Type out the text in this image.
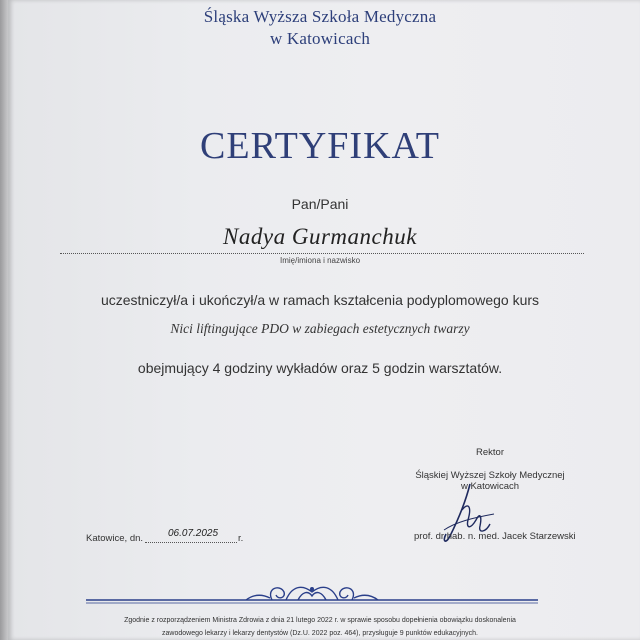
Śląska Wyższa Szkoła Medyczna
w Katowicach
CERTYFIKAT
Pan/Pani
Nadya Gurmanchuk
Imię/imiona i nazwisko
uczestniczył/a i ukończył/a w ramach kształcenia podyplomowego kurs
Nici liftingujące PDO w zabiegach estetycznych twarzy
obejmujący 4 godziny wykładów oraz 5 godzin warsztatów.
Rektor
Śląskiej Wyższej Szkoły Medycznej
w Katowicach
Katowice, dn. 06.07.2025 r.	prof. dr hab. n. med. Jacek Starzewski
Zgodnie z rozporządzeniem Ministra Zdrowia z dnia 21 lutego 2022 r. w sprawie sposobu dopełnienia obowiązku doskonalenia
zawodowego lekarzy i lekarzy dentystów (Dz.U. 2022 poz. 464), przysługuje 9 punktów edukacyjnych.
